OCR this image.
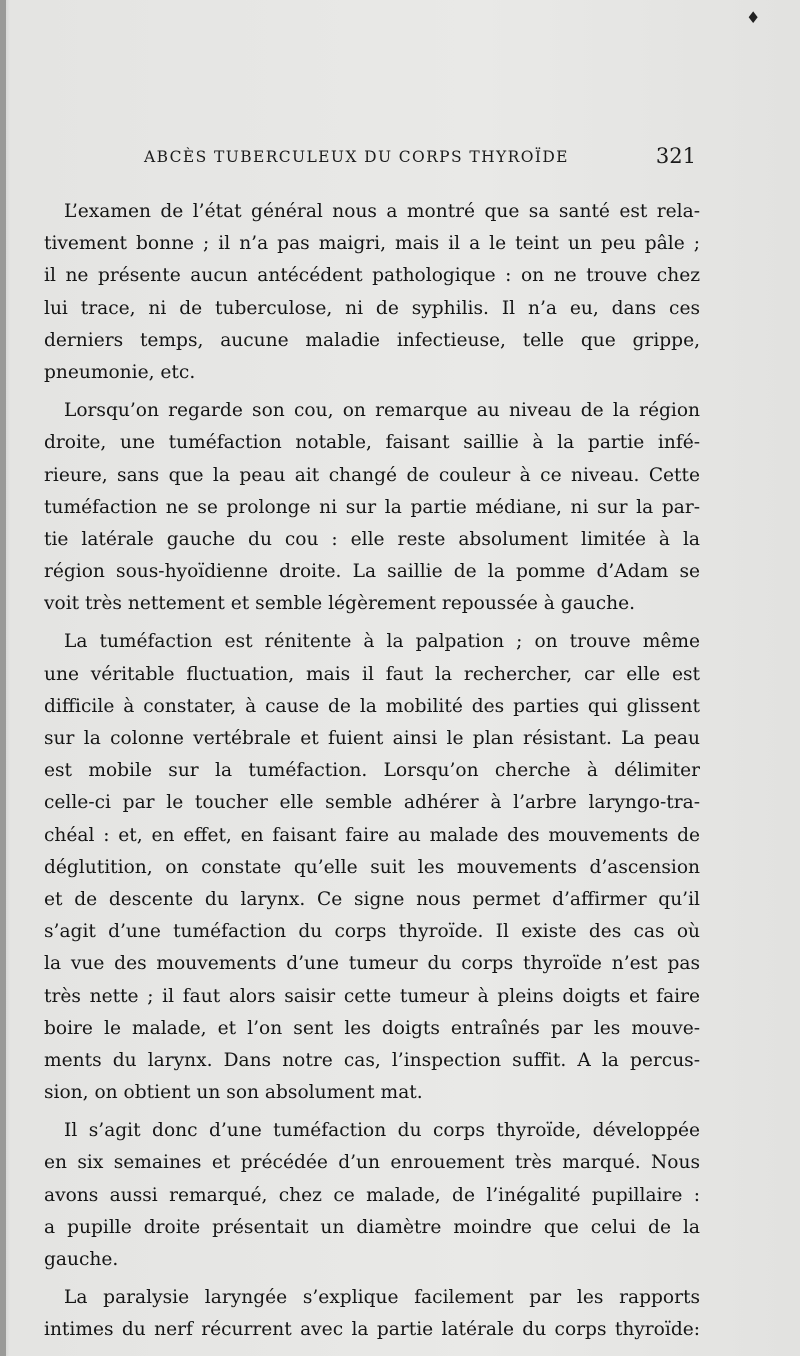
♦
ABCÈS TUBERCULEUX DU CORPS THYROÏDE	321
L’examen de l’état général nous a montré que sa santé est rela-
tivement bonne ; il n’a pas maigri, mais il a le teint un peu pâle ;
il ne présente aucun antécédent pathologique : on ne trouve chez
lui trace, ni de tuberculose, ni de syphilis. Il n’a eu, dans ces
derniers temps, aucune maladie infectieuse, telle que grippe,
pneumonie, etc.
Lorsqu’on regarde son cou, on remarque au niveau de la région
droite, une tuméfaction notable, faisant saillie à la partie infé-
rieure, sans que la peau ait changé de couleur à ce niveau. Cette
tuméfaction ne se prolonge ni sur la partie médiane, ni sur la par-
tie latérale gauche du cou : elle reste absolument limitée à la
région sous-hyoïdienne droite. La saillie de la pomme d’Adam se
voit très nettement et semble légèrement repoussée à gauche.
La tuméfaction est rénitente à la palpation ; on trouve même
une véritable fluctuation, mais il faut la rechercher, car elle est
difficile à constater, à cause de la mobilité des parties qui glissent
sur la colonne vertébrale et fuient ainsi le plan résistant. La peau
est mobile sur la tuméfaction. Lorsqu’on cherche à délimiter
celle-ci par le toucher elle semble adhérer à l’arbre laryngo-tra-
chéal : et, en effet, en faisant faire au malade des mouvements de
déglutition, on constate qu’elle suit les mouvements d’ascension
et de descente du larynx. Ce signe nous permet d’affirmer qu’il
s’agit d’une tuméfaction du corps thyroïde. Il existe des cas où
la vue des mouvements d’une tumeur du corps thyroïde n’est pas
très nette ; il faut alors saisir cette tumeur à pleins doigts et faire
boire le malade, et l’on sent les doigts entraînés par les mouve-
ments du larynx. Dans notre cas, l’inspection suffit. A la percus-
sion, on obtient un son absolument mat.
Il s’agit donc d’une tuméfaction du corps thyroïde, développée
en six semaines et précédée d’un enrouement très marqué. Nous
avons aussi remarqué, chez ce malade, de l’inégalité pupillaire :
a pupille droite présentait un diamètre moindre que celui de la
gauche.
La paralysie laryngée s’explique facilement par les rapports
intimes du nerf récurrent avec la partie latérale du corps thyroïde:
